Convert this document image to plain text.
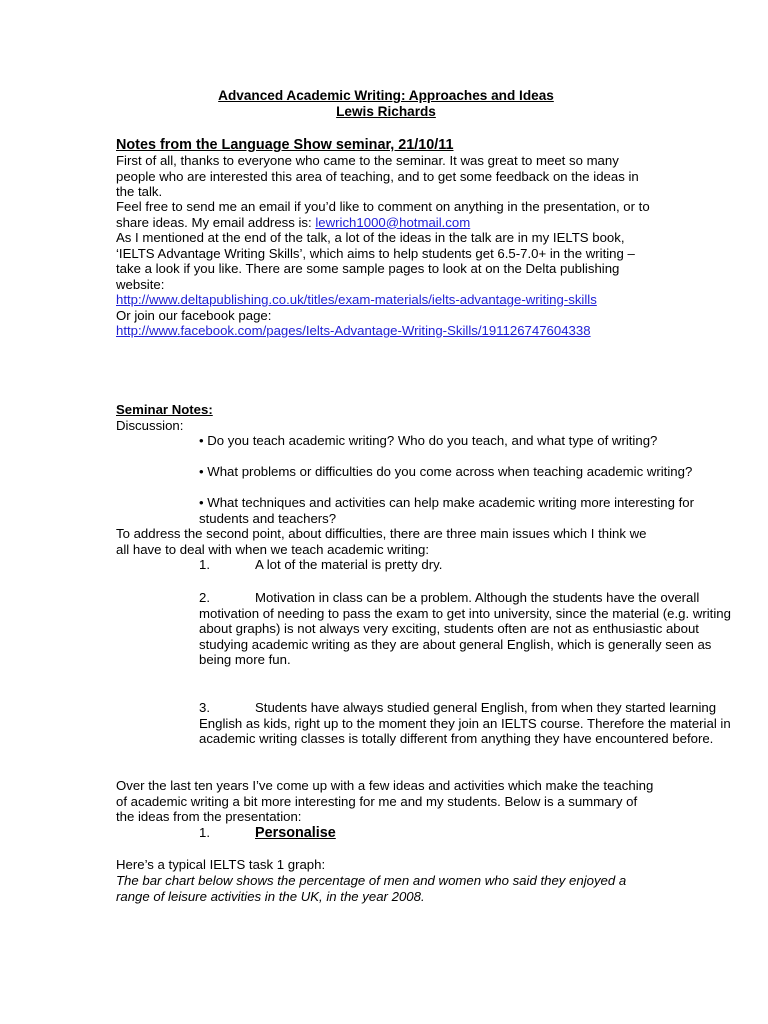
Advanced Academic Writing: Approaches and Ideas

Lewis Richards

Notes from the Language Show seminar, 21/10/11

First of all, thanks to everyone who came to the seminar. It was great to meet so many people who are interested this area of teaching, and to get some feedback on the ideas in the talk.

Feel free to send me an email if you’d like to comment on anything in the presentation, or to share ideas. My email address is: lewrich1000@hotmail.com

As I mentioned at the end of the talk, a lot of the ideas in the talk are in my IELTS book, ‘IELTS Advantage Writing Skills’, which aims to help students get 6.5-7.0+ in the writing – take a look if you like. There are some sample pages to look at on the Delta publishing website:

http://www.deltapublishing.co.uk/titles/exam-materials/ielts-advantage-writing-skills

Or join our facebook page:

http://www.facebook.com/pages/Ielts-Advantage-Writing-Skills/191126747604338

Seminar Notes:

Discussion:

• Do you teach academic writing? Who do you teach, and what type of writing?

• What problems or difficulties do you come across when teaching academic writing?

• What techniques and activities can help make academic writing more interesting for students and teachers?

To address the second point, about difficulties, there are three main issues which I think we all have to deal with when we teach academic writing:

1.	A lot of the material is pretty dry.

2.	Motivation in class can be a problem. Although the students have the overall motivation of needing to pass the exam to get into university, since the material (e.g. writing about graphs) is not always very exciting, students often are not as enthusiastic about studying academic writing as they are about general English, which is generally seen as being more fun.

3.	Students have always studied general English, from when they started learning English as kids, right up to the moment they join an IELTS course. Therefore the material in academic writing classes is totally different from anything they have encountered before.

Over the last ten years I’ve come up with a few ideas and activities which make the teaching of academic writing a bit more interesting for me and my students. Below is a summary of the ideas from the presentation:

1.	Personalise

Here’s a typical IELTS task 1 graph:

The bar chart below shows the percentage of men and women who said they enjoyed a range of leisure activities in the UK, in the year 2008.
